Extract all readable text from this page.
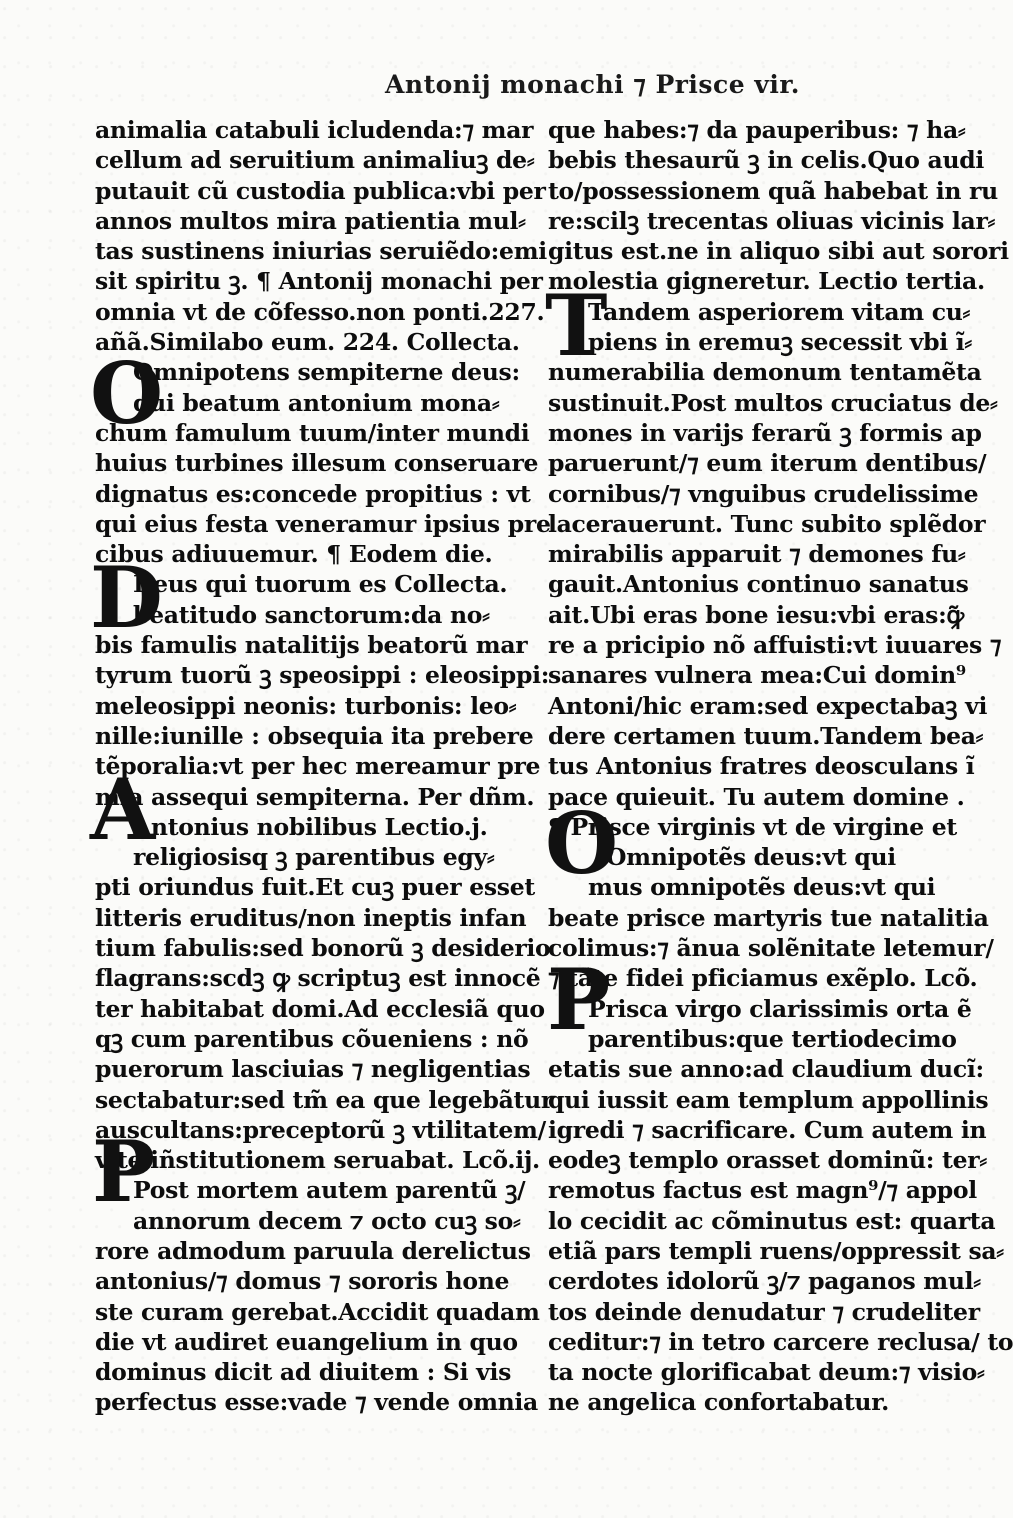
Antonij monachi ⁊ Prisce vir.
animalia catabuli icludenda:⁊ mar
cellum ad seruitium animaliuꝫ de⸗
putauit cũ custodia publica:vbi per
annos multos mira patientia mul⸗
tas sustinens iniurias seruiẽdo:emi
sit spiritu ꝫ. ¶ Antonij monachi per
omnia vt de cõfesso.non ponti.227.
añã.Similabo eum. 224. Collecta.
Omnipotens sempiterne deus:
qui beatum antonium mona⸗
chum famulum tuum/inter mundi
huius turbines illesum conseruare
dignatus es:concede propitius : vt
qui eius festa veneramur ipsius pre
cibus adiuuemur. ¶ Eodem die.
Deus qui tuorum es Collecta.
beatitudo sanctorum:da no⸗
bis famulis natalitijs beatorũ mar
tyrum tuorũ ꝫ speosippi : eleosippi:
meleosippi neonis: turbonis: leo⸗
nille:iunille : obsequia ita prebere
tẽporalia:vt per hec mereamur pre
mia assequi sempiterna. Per dñm.
Antonius nobilibus Lectio.j.
religiosisq ꝫ parentibus egy⸗
pti oriundus fuit.Et cuꝫ puer esset
litteris eruditus/non ineptis infan
tium fabulis:sed bonorũ ꝫ desiderio
flagrans:scdꝫ ꝙ scriptuꝫ est innocẽ
ter habitabat domi.Ad ecclesiã quo
qꝫ cum parentibus cõueniens : nõ
puerorum lasciuias ⁊ negligentias
sectabatur:sed tm̃ ea que legebãtur
auscultans:preceptorũ ꝫ vtilitatem/
vite iñstitutionem seruabat. Lcõ.ij.
Post mortem autem parentũ ꝫ/
annorum decem ⁊ octo cuꝫ so⸗
rore admodum paruula derelictus
antonius/⁊ domus ⁊ sororis hone
ste curam gerebat.Accidit quadam
die vt audiret euangelium in quo
dominus dicit ad diuitem : Si vis
perfectus esse:vade ⁊ vende omnia
que habes:⁊ da pauperibus: ⁊ ha⸗
bebis thesaurũ ꝫ in celis.Quo audi
to/possessionem quã habebat in ru
re:scilꝫ trecentas oliuas vicinis lar⸗
gitus est.ne in aliquo sibi aut sorori
molestia gigneretur. Lectio tertia.
Tandem asperiorem vitam cu⸗
piens in eremuꝫ secessit vbi ĩ⸗
numerabilia demonum tentamẽta
sustinuit.Post multos cruciatus de⸗
mones in varijs ferarũ ꝫ formis ap
paruerunt/⁊ eum iterum dentibus/
cornibus/⁊ vnguibus crudelissime
lacerauerunt. Tunc subito splẽdor
mirabilis apparuit ⁊ demones fu⸗
gauit.Antonius continuo sanatus
ait.Ubi eras bone iesu:vbi eras:ꝙ̃
re a pricipio nõ affuisti:vt iuuares ⁊
sanares vulnera mea:Cui domin⁹
Antoni/hic eram:sed expectabaꝫ vi
dere certamen tuum.Tandem bea⸗
tus Antonius fratres deosculans ĩ
pace quieuit. Tu autem domine .
¶ Prisce virginis vt de virgine et
Omnipotẽs deus:vt qui
mus omnipotẽs deus:vt qui
beate prisce martyris tue natalitia
colimus:⁊ ãnua solẽnitate letemur/
⁊ tãte fidei pficiamus exẽplo. Lcõ.
Prisca virgo clarissimis orta ẽ
parentibus:que tertiodecimo
etatis sue anno:ad claudium ducĩ:
qui iussit eam templum appollinis
igredi ⁊ sacrificare. Cum autem in
eodeꝫ templo orasset dominũ: ter⸗
remotus factus est magn⁹/⁊ appol
lo cecidit ac cõminutus est: quarta
etiã pars templi ruens/oppressit sa⸗
cerdotes idolorũ ꝫ/⁊ paganos mul⸗
tos deinde denudatur ⁊ crudeliter
ceditur:⁊ in tetro carcere reclusa/ to
ta nocte glorificabat deum:⁊ visio⸗
ne angelica confortabatur.
O
D
A
P
T
O
P
